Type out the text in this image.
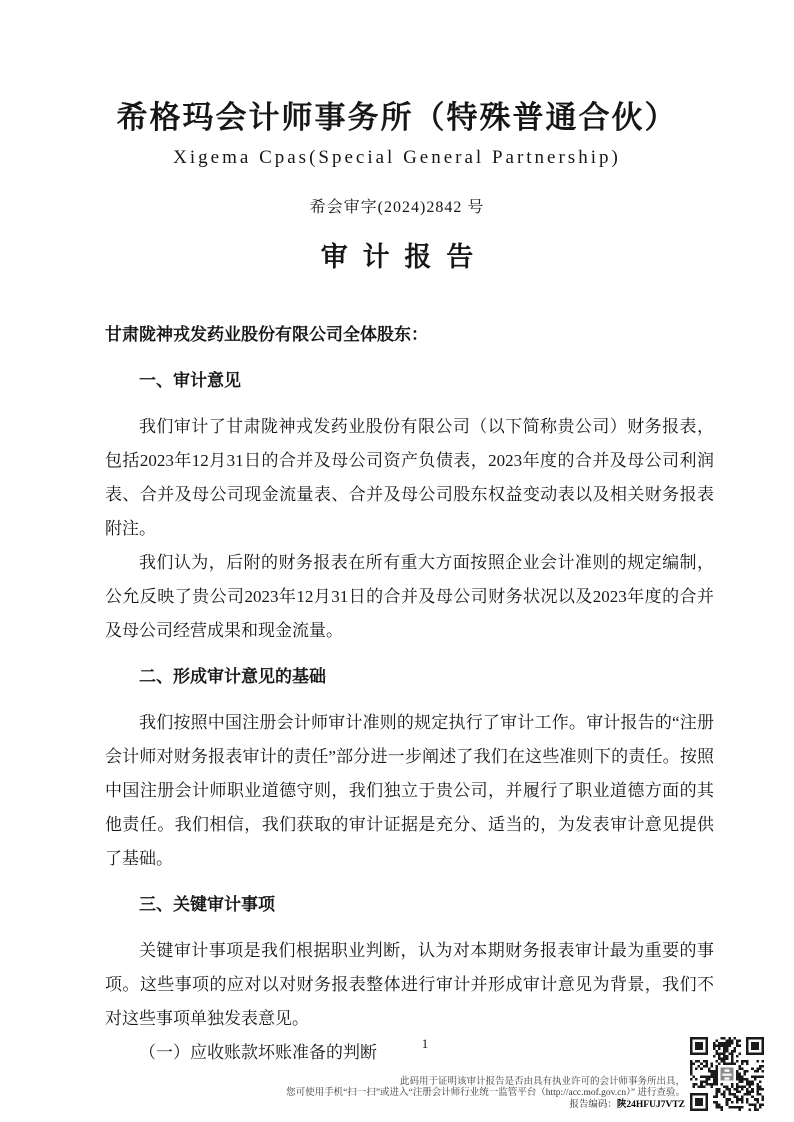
希格玛会计师事务所（特殊普通合伙）
Xigema Cpas(Special General Partnership)
希会审字(2024)2842 号
审计报告

甘肃陇神戎发药业股份有限公司全体股东：

一、审计意见

我们审计了甘肃陇神戎发药业股份有限公司（以下简称贵公司）财务报表，包括2023年12月31日的合并及母公司资产负债表，2023年度的合并及母公司利润表、合并及母公司现金流量表、合并及母公司股东权益变动表以及相关财务报表附注。

我们认为，后附的财务报表在所有重大方面按照企业会计准则的规定编制，公允反映了贵公司2023年12月31日的合并及母公司财务状况以及2023年度的合并及母公司经营成果和现金流量。

二、形成审计意见的基础

我们按照中国注册会计师审计准则的规定执行了审计工作。审计报告的“注册会计师对财务报表审计的责任”部分进一步阐述了我们在这些准则下的责任。按照中国注册会计师职业道德守则，我们独立于贵公司，并履行了职业道德方面的其他责任。我们相信，我们获取的审计证据是充分、适当的，为发表审计意见提供了基础。

三、关键审计事项

关键审计事项是我们根据职业判断，认为对本期财务报表审计最为重要的事项。这些事项的应对以对财务报表整体进行审计并形成审计意见为背景，我们不对这些事项单独发表意见。

（一）应收账款坏账准备的判断	1
此码用于证明该审计报告是否由具有执业许可的会计师事务所出具，
您可使用手机“扫一扫”或进入“注册会计师行业统一监管平台（http://acc.mof.gov.cn）” 进行查验。
报告编码：陕24HFUJ7VTZ
